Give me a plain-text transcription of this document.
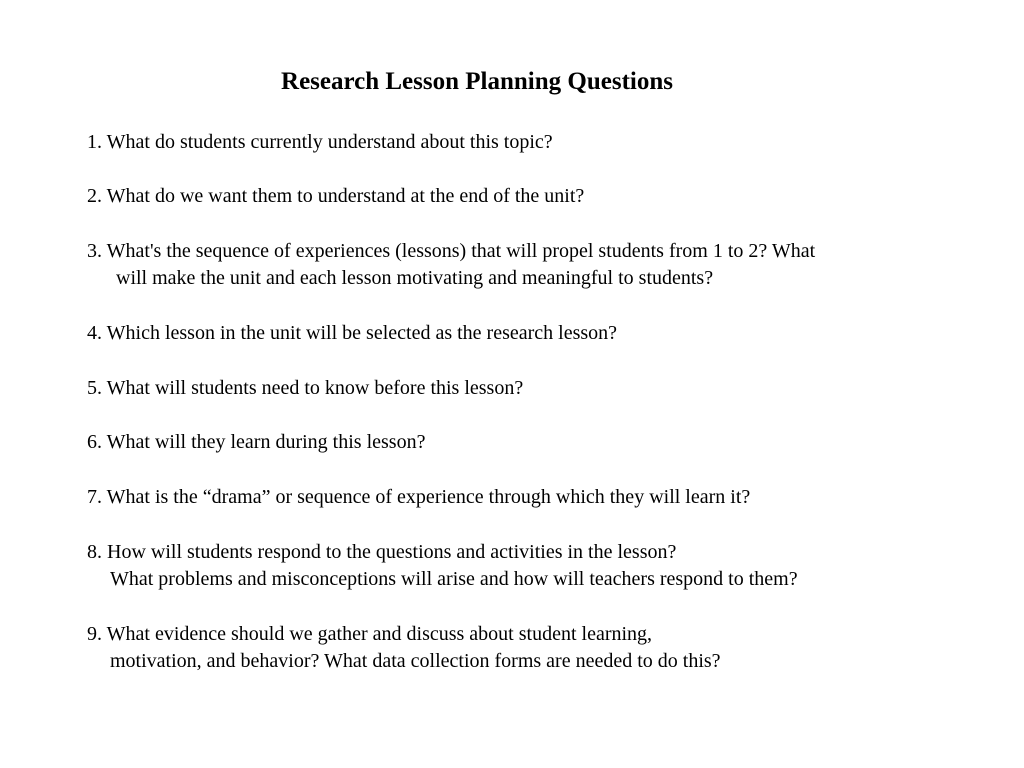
Research Lesson Planning Questions
1. What do students currently understand about this topic?
2. What do we want them to understand at the end of the unit?
3. What's the sequence of experiences (lessons) that will propel students from 1 to 2? What
will make the unit and each lesson motivating and meaningful to students?
4. Which lesson in the unit will be selected as the research lesson?
5. What will students need to know before this lesson?
6. What will they learn during this lesson?
7. What is the “drama” or sequence of experience through which they will learn it?
8. How will students respond to the questions and activities in the lesson?
What problems and misconceptions will arise and how will teachers respond to them?
9. What evidence should we gather and discuss about student learning,
motivation, and behavior? What data collection forms are needed to do this?
